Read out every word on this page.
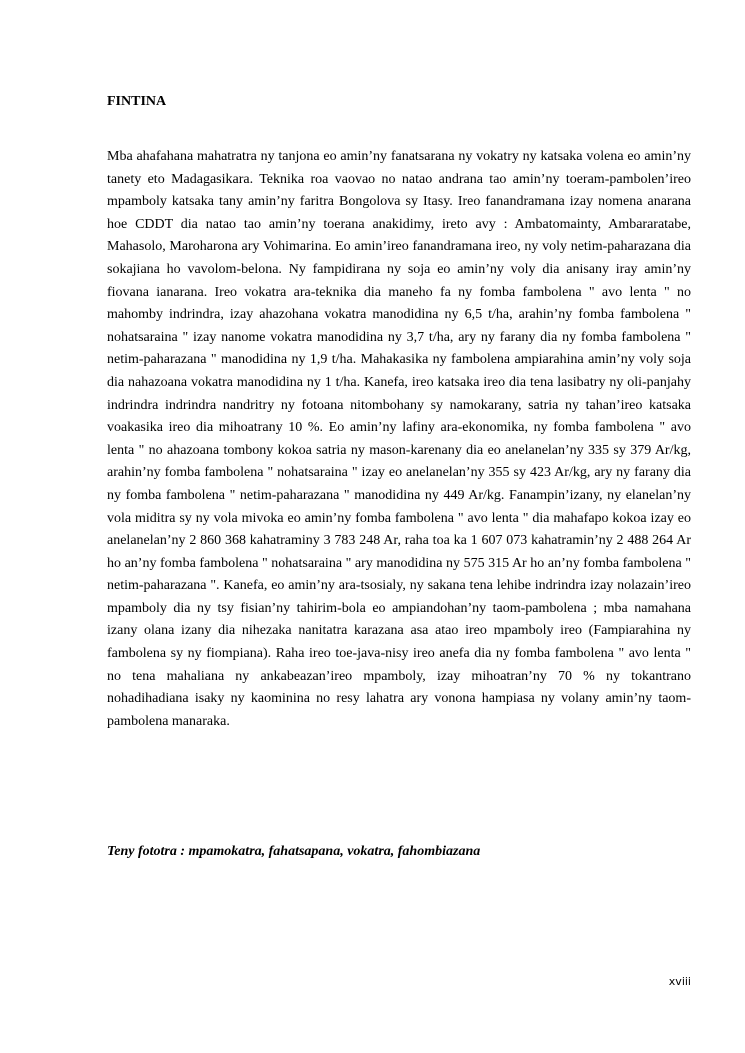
FINTINA

Mba ahafahana mahatratra ny tanjona eo amin’ny fanatsarana ny vokatry ny katsaka volena eo amin’ny tanety eto Madagasikara. Teknika roa vaovao no natao andrana tao amin’ny toeram-pambolen’ireo mpamboly katsaka tany amin’ny faritra Bongolova sy Itasy. Ireo fanandramana izay nomena anarana hoe CDDT dia natao tao amin’ny toerana anakidimy, ireto avy : Ambatomainty, Ambararatabe, Mahasolo, Maroharona ary Vohimarina. Eo amin’ireo fanandramana ireo, ny voly netim-paharazana dia sokajiana ho vavolom-belona. Ny fampidirana ny soja eo amin’ny voly dia anisany iray amin’ny fiovana ianarana. Ireo vokatra ara-teknika dia maneho fa ny fomba fambolena " avo lenta " no mahomby indrindra, izay ahazohana vokatra manodidina ny 6,5 t/ha, arahin’ny fomba fambolena " nohatsaraina " izay nanome vokatra manodidina ny 3,7 t/ha, ary ny farany dia ny fomba fambolena " netim-paharazana " manodidina ny 1,9 t/ha. Mahakasika ny fambolena ampiarahina amin’ny voly soja dia nahazoana vokatra manodidina ny 1 t/ha. Kanefa, ireo katsaka ireo dia tena lasibatry ny oli-panjahy indrindra indrindra nandritry ny fotoana nitombohany sy namokarany, satria ny tahan’ireo katsaka voakasika ireo dia mihoatrany 10 %. Eo amin’ny lafiny ara-ekonomika, ny fomba fambolena " avo lenta " no ahazoana tombony kokoa satria ny mason-karenany dia eo anelanelan’ny 335 sy 379 Ar/kg, arahin’ny fomba fambolena " nohatsaraina " izay eo anelanelan’ny 355 sy 423 Ar/kg, ary ny farany dia ny fomba fambolena " netim-paharazana " manodidina ny 449 Ar/kg. Fanampin’izany, ny elanelan’ny vola miditra sy ny vola mivoka eo amin’ny fomba fambolena " avo lenta " dia mahafapo kokoa izay eo anelanelan’ny 2 860 368 kahatraminy 3 783 248 Ar, raha toa ka 1 607 073 kahatramin’ny 2 488 264 Ar ho an’ny fomba fambolena " nohatsaraina " ary manodidina ny 575 315 Ar ho an’ny fomba fambolena " netim-paharazana ". Kanefa, eo amin’ny ara-tsosialy, ny sakana tena lehibe indrindra izay nolazain’ireo mpamboly dia ny tsy fisian’ny tahirim-bola eo ampiandohan’ny taom-pambolena ; mba namahana izany olana izany dia nihezaka nanitatra karazana asa atao ireo mpamboly ireo (Fampiarahina ny fambolena sy ny fiompiana). Raha ireo toe-java-nisy ireo anefa dia ny fomba fambolena " avo lenta " no tena mahaliana ny ankabeazan’ireo mpamboly, izay mihoatran’ny 70 % ny tokantrano nohadihadiana isaky ny kaominina no resy lahatra ary vonona hampiasa ny volany amin’ny taom-pambolena manaraka.

Teny fototra : mpamokatra, fahatsapana, vokatra, fahombiazana

xviii
